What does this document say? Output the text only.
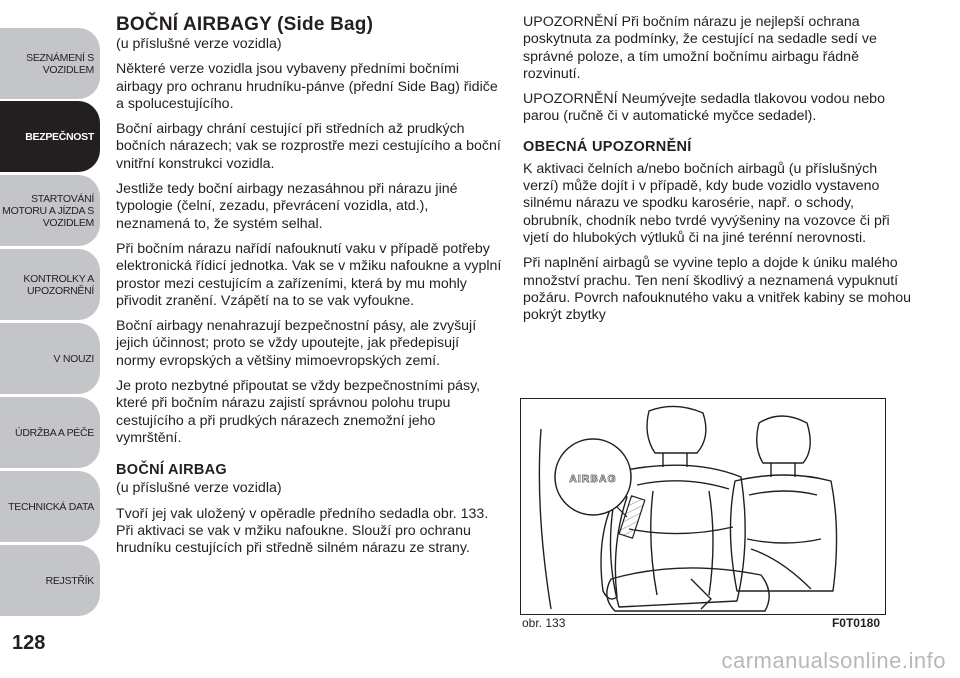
SEZNÁMENÍ S
VOZIDLEM
BEZPEČNOST
STARTOVÁNÍ
MOTORU A JÍZDA S
VOZIDLEM
KONTROLKY A
UPOZORNĚNÍ
V NOUZI
ÚDRŽBA A PÉČE
TECHNICKÁ DATA
REJSTŘÍK
128
BOČNÍ AIRBAGY (Side Bag)

(u příslušné verze vozidla)

Některé verze vozidla jsou vybaveny předními bočními airbagy pro ochranu hrudníku-pánve (přední Side Bag) řidiče a spolucestujícího.

Boční airbagy chrání cestující při středních až prudkých bočních nárazech; vak se rozprostře mezi cestujícího a boční vnitřní konstrukci vozidla.

Jestliže tedy boční airbagy nezasáhnou při nárazu jiné typologie (čelní, zezadu, převrácení vozidla, atd.), neznamená to, že systém selhal.

Při bočním nárazu nařídí nafouknutí vaku v případě potřeby elektronická řídicí jednotka. Vak se v mžiku nafoukne a vyplní prostor mezi cestujícím a zařízeními, která by mu mohly přivodit zranění. Vzápětí na to se vak vyfoukne.

Boční airbagy nenahrazují bezpečnostní pásy, ale zvyšují jejich účinnost; proto se vždy upoutejte, jak předepisují normy evropských a většiny mimoevropských zemí.

Je proto nezbytné připoutat se vždy bezpečnostními pásy, které při bočním nárazu zajistí správnou polohu trupu cestujícího a při prudkých nárazech znemožní jeho vymrštění.

BOČNÍ AIRBAG

(u příslušné verze vozidla)

Tvoří jej vak uložený v opěradle předního sedadla obr. 133. Při aktivaci se vak v mžiku nafoukne. Slouží pro ochranu hrudníku cestujících při středně silném nárazu ze strany.

UPOZORNĚNÍ Při bočním nárazu je nejlepší ochrana poskytnuta za podmínky, že cestující na sedadle sedí ve správné poloze, a tím umožní bočnímu airbagu řádně rozvinutí.

UPOZORNĚNÍ Neumývejte sedadla tlakovou vodou nebo parou (ručně či v automatické myčce sedadel).

OBECNÁ UPOZORNĚNÍ

K aktivaci čelních a/nebo bočních airbagů (u příslušných verzí) může dojít i v případě, kdy bude vozidlo vystaveno silnému nárazu ve spodku karosérie, např. o schody, obrubník, chodník nebo tvrdé vyvýšeniny na vozovce či při vjetí do hlubokých výtluků či na jiné terénní nerovnosti.

Při naplnění airbagů se vyvine teplo a dojde k úniku malého množství prachu. Ten není škodlivý a neznamená vypuknutí požáru. Povrch nafouknutého vaku a vnitřek kabiny se mohou pokrýt zbytky

AIRBAG
obr. 133	F0T0180
carmanualsonline.info
